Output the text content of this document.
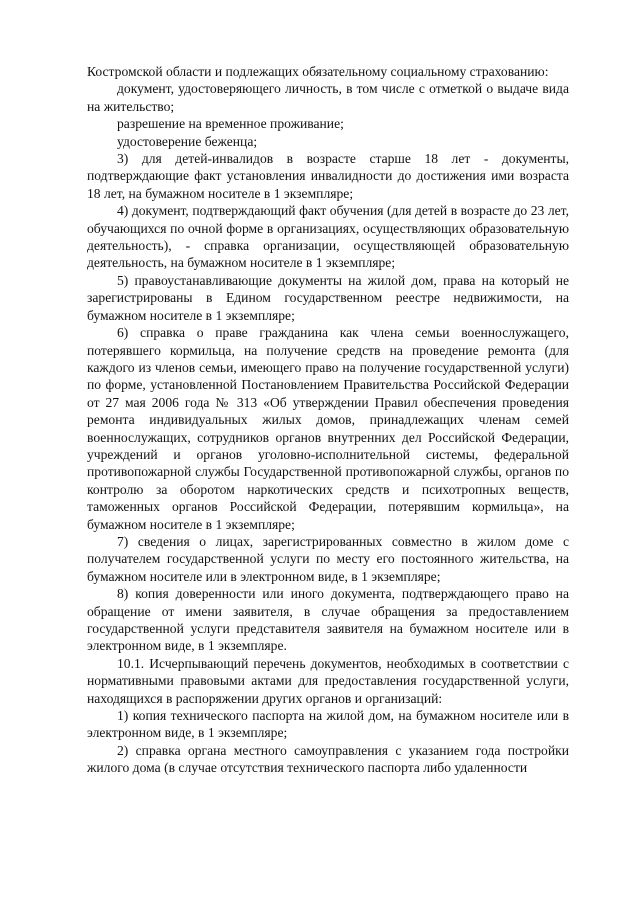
Костромской области и подлежащих обязательному социальному страхованию:

документ, удостоверяющего личность, в том числе с отметкой о выдаче вида на жительство;

разрешение на временное проживание;

удостоверение беженца;

3) для детей-инвалидов в возрасте старше 18 лет - документы, подтверждающие факт установления инвалидности до достижения ими возраста 18 лет, на бумажном носителе в 1 экземпляре;

4) документ, подтверждающий факт обучения (для детей в возрасте до 23 лет, обучающихся по очной форме в организациях, осуществляющих образовательную деятельность), - справка организации, осуществляющей образовательную деятельность, на бумажном носителе в 1 экземпляре;

5) правоустанавливающие документы на жилой дом, права на который не зарегистрированы в Едином государственном реестре недвижимости, на бумажном носителе в 1 экземпляре;

6) справка о праве гражданина как члена семьи военнослужащего, потерявшего кормильца, на получение средств на проведение ремонта (для каждого из членов семьи, имеющего право на получение государственной услуги) по форме, установленной Постановлением Правительства Российской Федерации от 27 мая 2006 года № 313 «Об утверждении Правил обеспечения проведения ремонта индивидуальных жилых домов, принадлежащих членам семей военнослужащих, сотрудников органов внутренних дел Российской Федерации, учреждений и органов уголовно-исполнительной системы, федеральной противопожарной службы Государственной противопожарной службы, органов по контролю за оборотом наркотических средств и психотропных веществ, таможенных органов Российской Федерации, потерявшим кормильца», на бумажном носителе в 1 экземпляре;

7) сведения о лицах, зарегистрированных совместно в жилом доме с получателем государственной услуги по месту его постоянного жительства, на бумажном носителе или в электронном виде, в 1 экземпляре;

8) копия доверенности или иного документа, подтверждающего право на обращение от имени заявителя, в случае обращения за предоставлением государственной услуги представителя заявителя на бумажном носителе или в электронном виде, в 1 экземпляре.

10.1. Исчерпывающий перечень документов, необходимых в соответствии с нормативными правовыми актами для предоставления государственной услуги, находящихся в распоряжении других органов и организаций:

1) копия технического паспорта на жилой дом, на бумажном носителе или в электронном виде, в 1 экземпляре;

2) справка органа местного самоуправления с указанием года постройки жилого дома (в случае отсутствия технического паспорта либо удаленности
